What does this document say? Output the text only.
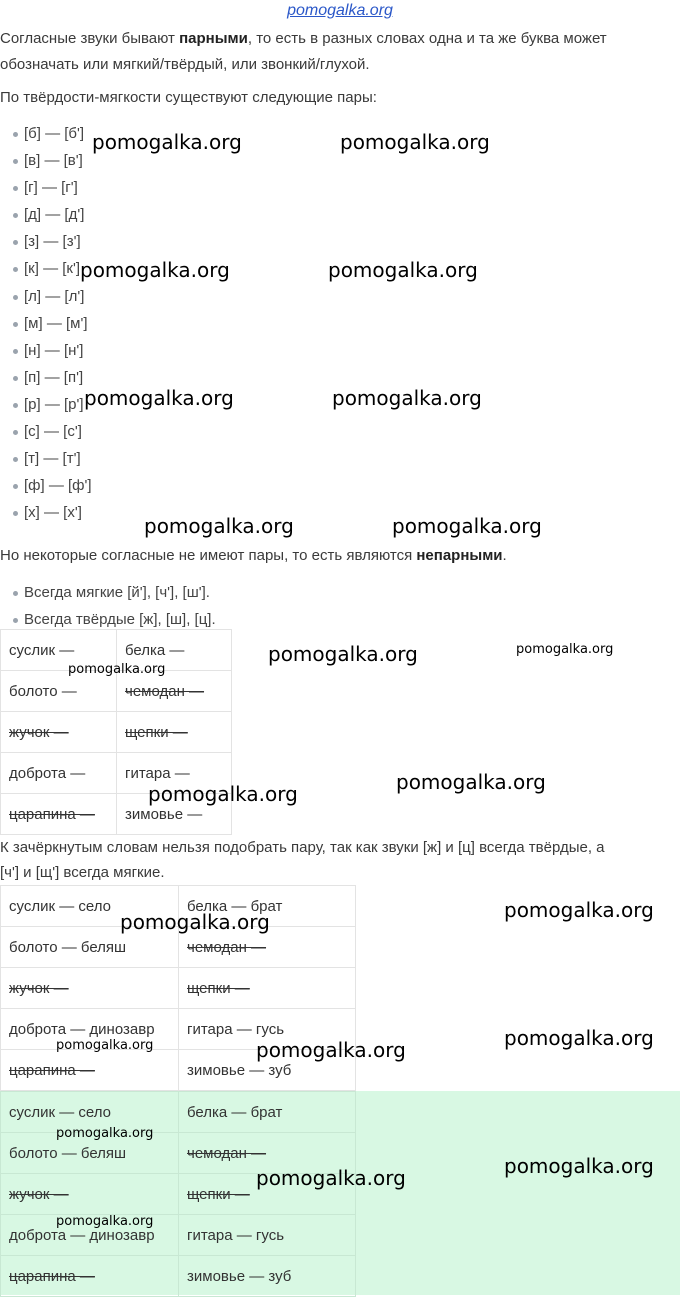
pomogalka.org
Согласные звуки бывают парными, то есть в разных словах одна и та же буква может
обозначать или мягкий/твёрдый, или звонкий/глухой.
По твёрдости-мягкости существуют следующие пары:
[б] — [б']
[в] — [в']
[г] — [г']
[д] — [д']
[з] — [з']
[к] — [к']
[л] — [л']
[м] — [м']
[н] — [н']
[п] — [п']
[р] — [р']
[с] — [с']
[т] — [т']
[ф] — [ф']
[х] — [х']
Но некоторые согласные не имеют пары, то есть являются непарными.
Всегда мягкие [й'], [ч'], [ш'].
Всегда твёрдые [ж], [ш], [ц].
суслик —	белка —
болото —	чемодан —
жучок —	щепки —
доброта —	гитара —
царапина —	зимовье —
К зачёркнутым словам нельзя подобрать пару, так как звуки [ж] и [ц] всегда твёрдые, а
[ч'] и [щ'] всегда мягкие.
суслик — село	белка — брат
болото — беляш	чемодан —
жучок —	щепки —
доброта — динозавр	гитара — гусь
царапина —	зимовье — зуб
суслик — село	белка — брат
болото — беляш	чемодан —
жучок —	щепки —
доброта — динозавр	гитара — гусь
царапина —	зимовье — зуб
pomogalka.org	pomogalka.org
pomogalka.org	pomogalka.org
pomogalka.org	pomogalka.org
pomogalka.org	pomogalka.org
pomogalka.org	pomogalka.org
pomogalka.org
pomogalka.org
pomogalka.org
pomogalka.org	pomogalka.org
pomogalka.org	pomogalka.org	pomogalka.org
pomogalka.org
pomogalka.org	pomogalka.org
pomogalka.org
